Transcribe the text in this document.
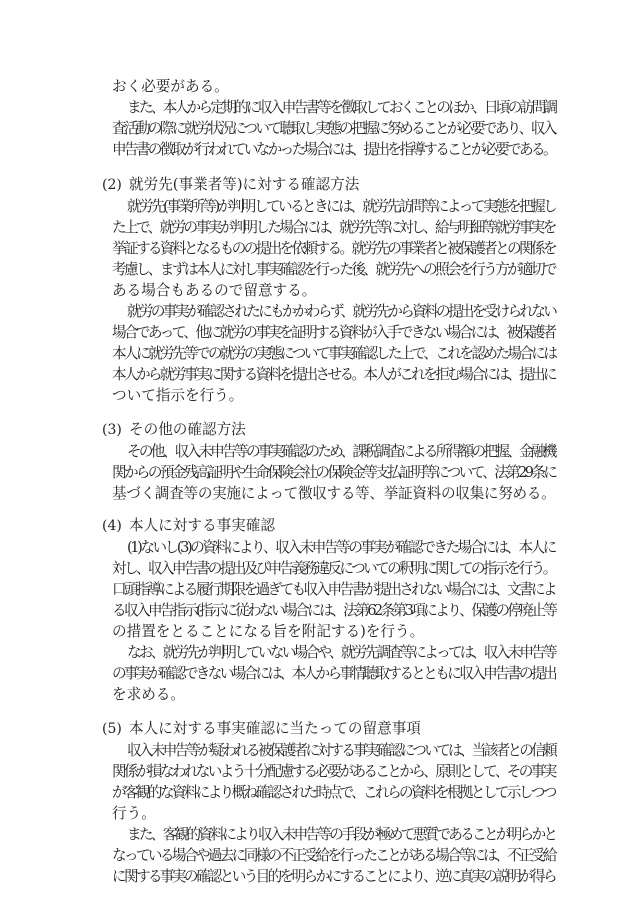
おく必要がある。
また、本人から定期的に収入申告書等を徴取しておくことのほか、日頃の訪問調
査活動の際に就労状況について聴取し実態の把握に努めることが必要であり、収入
申告書の徴取が行われていなかった場合には、提出を指導することが必要である。
(2) 就労先(事業者等)に対する確認方法
就労先(事業所等)が判明しているときには、就労先訪問等によって実態を把握し
た上で、就労の事実が判明した場合には、就労先等に対し、給与明細等就労事実を
挙証する資料となるものの提出を依頼する。就労先の事業者と被保護者との関係を
考慮し、まずは本人に対し事実確認を行った後、就労先への照会を行う方が適切で
ある場合もあるので留意する。
就労の事実が確認されたにもかかわらず、就労先から資料の提出を受けられない
場合であって、他に就労の事実を証明する資料が入手できない場合には、被保護者
本人に就労先等での就労の実態について事実確認した上で、これを認めた場合には
本人から就労事実に関する資料を提出させる。本人がこれを拒む場合には、提出に
ついて指示を行う。
(3) その他の確認方法
その他、収入未申告等の事実確認のため、課税調査による所得額の把握、金融機
関からの預金残高証明や生命保険会社の保険金等支払証明等について、法第29条に
基づく調査等の実施によって徴収する等、挙証資料の収集に努める。
(4) 本人に対する事実確認
(1)ないし(3)の資料により、収入未申告等の事実が確認できた場合には、本人に
対し、収入申告書の提出及び申告義務違反についての釈明に関しての指示を行う。
口頭指導による履行期限を過ぎても収入申告書が提出されない場合には、文書によ
る収入申告指示(指示に従わない場合には、法第62条第3項により、保護の停廃止等
の措置をとることになる旨を附記する)を行う。
なお、就労先が判明していない場合や、就労先調査等によっては、収入未申告等
の事実が確認できない場合には、本人から事情聴取するとともに収入申告書の提出
を求める。
(5) 本人に対する事実確認に当たっての留意事項
収入未申告等が疑われる被保護者に対する事実確認については、当該者との信頼
関係が損なわれないよう十分配慮する必要があることから、原則として、その事実
が客観的な資料により概ね確認された時点で、これらの資料を根拠として示しつつ
行う。
また、客観的資料により収入未申告等の手段が極めて悪質であることが明らかと
なっている場合や過去に同様の不正受給を行ったことがある場合等には、不正受給
に関する事実の確認という目的を明らかにすることにより、逆に真実の説明が得ら
